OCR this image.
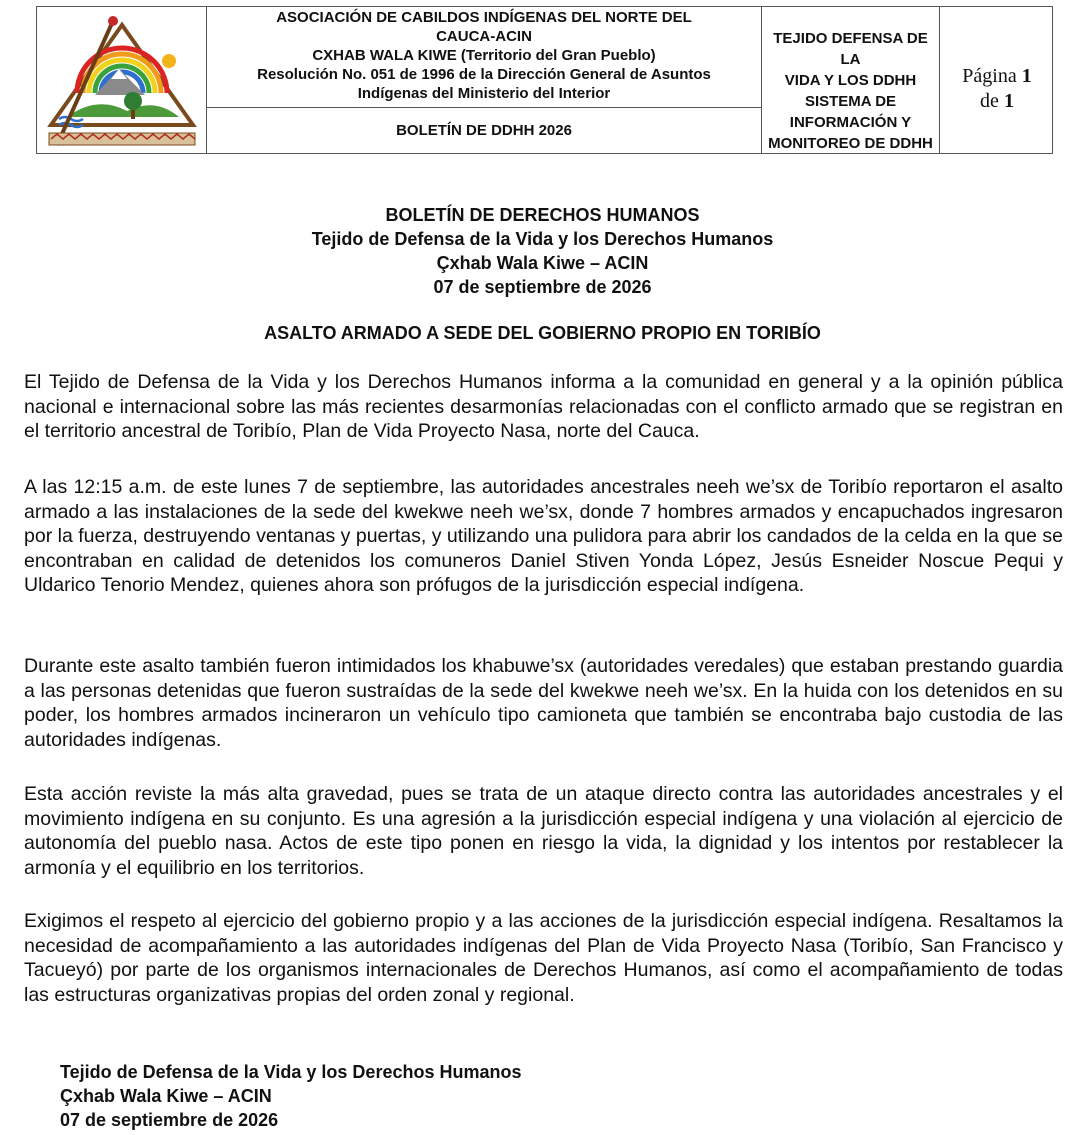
ASOCIACIÓN DE CABILDOS INDÍGENAS DEL NORTE DEL
CAUCA-ACIN
CXHAB WALA KIWE (Territorio del Gran Pueblo)
Resolución No. 051 de 1996 de la Dirección General de Asuntos
Indígenas del Ministerio del Interior
BOLETÍN DE DDHH 2026
TEJIDO DEFENSA DE LA
VIDA Y LOS DDHH
SISTEMA DE
INFORMACIÓN Y
MONITOREO DE DDHH
Página 1
de 1
BOLETÍN DE DERECHOS HUMANOS
Tejido de Defensa de la Vida y los Derechos Humanos
Çxhab Wala Kiwe – ACIN
07 de septiembre de 2026
ASALTO ARMADO A SEDE DEL GOBIERNO PROPIO EN TORIBÍO

El Tejido de Defensa de la Vida y los Derechos Humanos informa a la comunidad en general y a la opinión pública nacional e internacional sobre las más recientes desarmonías relacionadas con el conflicto armado que se registran en el territorio ancestral de Toribío, Plan de Vida Proyecto Nasa, norte del Cauca.

A las 12:15 a.m. de este lunes 7 de septiembre, las autoridades ancestrales neeh we’sx de Toribío reportaron el asalto armado a las instalaciones de la sede del kwekwe neeh we’sx, donde 7 hombres armados y encapuchados ingresaron por la fuerza, destruyendo ventanas y puertas, y utilizando una pulidora para abrir los candados de la celda en la que se encontraban en calidad de detenidos los comuneros Daniel Stiven Yonda López, Jesús Esneider Noscue Pequi y Uldarico Tenorio Mendez, quienes ahora son prófugos de la jurisdicción especial indígena.

Durante este asalto también fueron intimidados los khabuwe’sx (autoridades veredales) que estaban prestando guardia a las personas detenidas que fueron sustraídas de la sede del kwekwe neeh we’sx. En la huida con los detenidos en su poder, los hombres armados incineraron un vehículo tipo camioneta que también se encontraba bajo custodia de las autoridades indígenas.

Esta acción reviste la más alta gravedad, pues se trata de un ataque directo contra las autoridades ancestrales y el movimiento indígena en su conjunto. Es una agresión a la jurisdicción especial indígena y una violación al ejercicio de autonomía del pueblo nasa. Actos de este tipo ponen en riesgo la vida, la dignidad y los intentos por restablecer la armonía y el equilibrio en los territorios.

Exigimos el respeto al ejercicio del gobierno propio y a las acciones de la jurisdicción especial indígena. Resaltamos la necesidad de acompañamiento a las autoridades indígenas del Plan de Vida Proyecto Nasa (Toribío, San Francisco y Tacueyó) por parte de los organismos internacionales de Derechos Humanos, así como el acompañamiento de todas las estructuras organizativas propias del orden zonal y regional.

Tejido de Defensa de la Vida y los Derechos Humanos
Çxhab Wala Kiwe – ACIN
07 de septiembre de 2026
